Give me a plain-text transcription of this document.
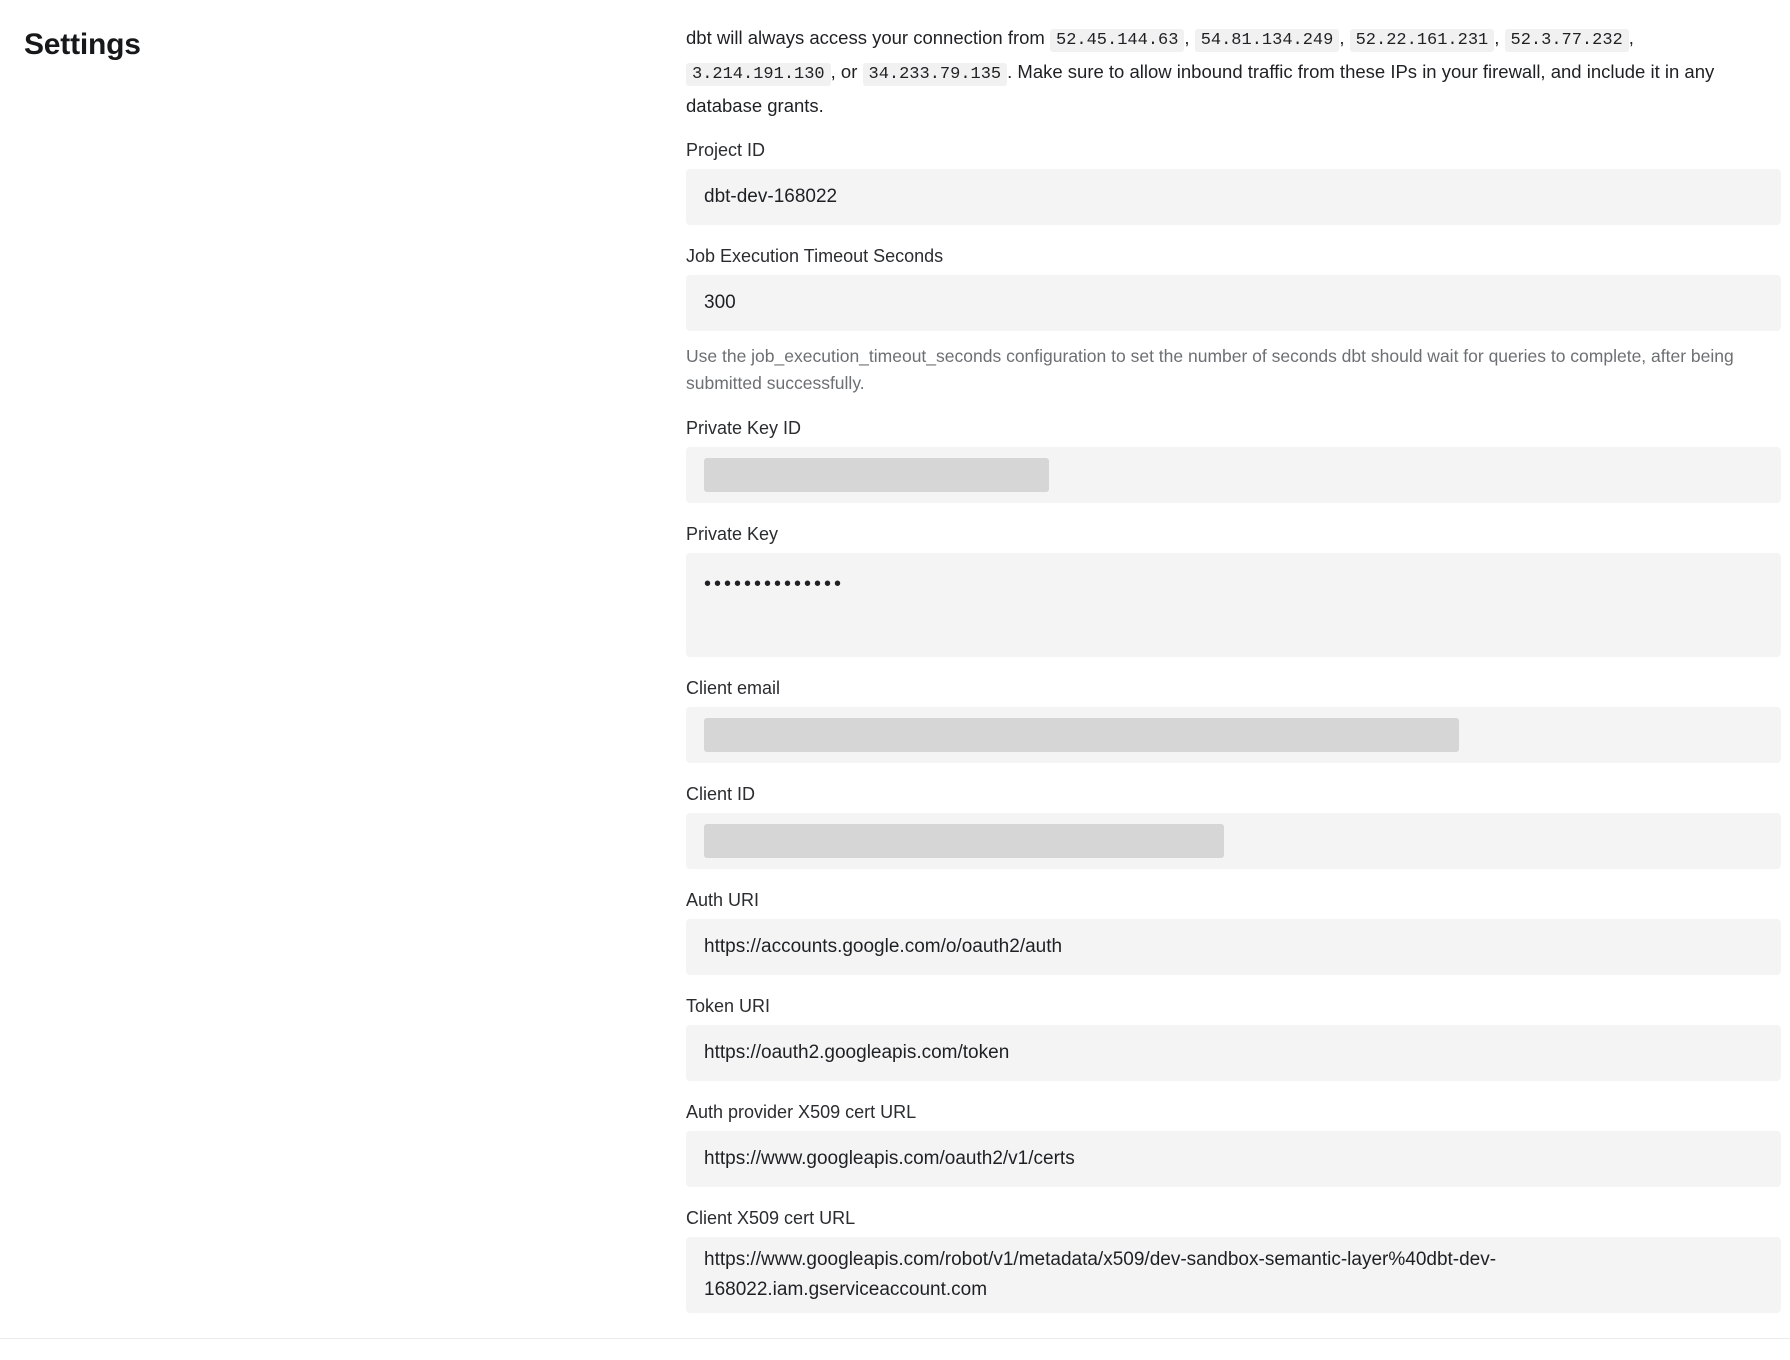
Settings	dbt will always access your connection from 52.45.144.63 , 54.81.134.249 , 52.22.161.231 , 52.3.77.232 , 3.214.191.130 , or 34.233.79.135 . Make sure to allow inbound traffic from these IPs in your firewall, and include it in any database grants.
Project ID
dbt-dev-168022
Job Execution Timeout Seconds
300
Use the job_execution_timeout_seconds configuration to set the number of seconds dbt should wait for queries to complete, after being submitted successfully.
Private Key ID
Private Key
••••••••••••••
Client email
Client ID
Auth URI
https://accounts.google.com/o/oauth2/auth
Token URI
https://oauth2.googleapis.com/token
Auth provider X509 cert URL
https://www.googleapis.com/oauth2/v1/certs
Client X509 cert URL
https://www.googleapis.com/robot/v1/metadata/x509/dev-sandbox-semantic-layer%40dbt-dev-168022.iam.gserviceaccount.com
